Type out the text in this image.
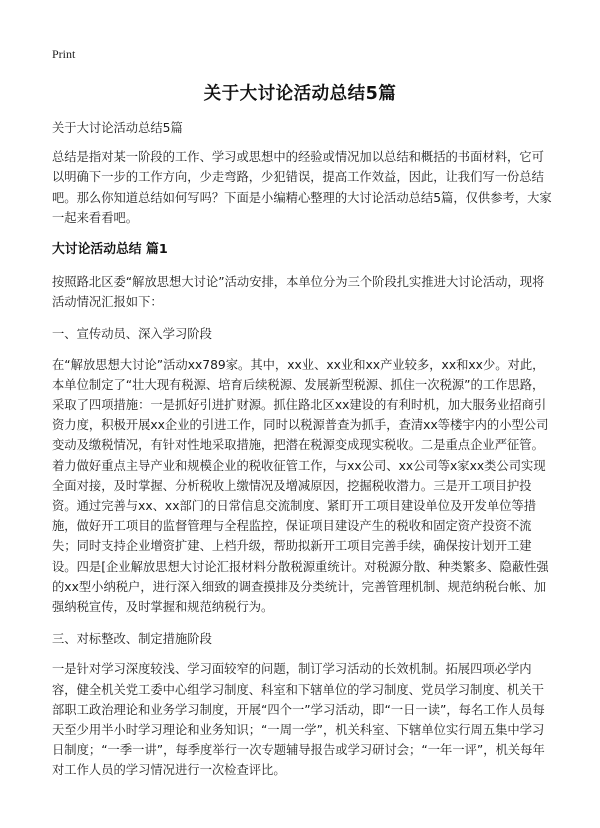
Print
关于大讨论活动总结5篇

关于大讨论活动总结5篇

总结是指对某一阶段的工作、学习或思想中的经验或情况加以总结和概括的书面材料，它可以明确下一步的工作方向，少走弯路，少犯错误，提高工作效益，因此，让我们写一份总结吧。那么你知道总结如何写吗？下面是小编精心整理的大讨论活动总结5篇，仅供参考，大家一起来看看吧。

大讨论活动总结 篇1

按照路北区委“解放思想大讨论”活动安排，本单位分为三个阶段扎实推进大讨论活动，现将活动情况汇报如下：

一、宣传动员、深入学习阶段

在“解放思想大讨论”活动xx789家。其中，xx业、xx业和xx产业较多，xx和xx少。对此，本单位制定了“壮大现有税源、培育后续税源、发展新型税源、抓住一次税源”的工作思路，采取了四项措施：一是抓好引进扩财源。抓住路北区xx建设的有利时机，加大服务业招商引资力度，积极开展xx企业的引进工作，同时以税源普查为抓手，查清xx等楼宇内的小型公司变动及缴税情况，有针对性地采取措施，把潜在税源变成现实税收。二是重点企业严征管。着力做好重点主导产业和规模企业的税收征管工作，与xx公司、xx公司等x家xx类公司实现全面对接，及时掌握、分析税收上缴情况及增减原因，挖掘税收潜力。三是开工项目护投资。通过完善与xx、xx部门的日常信息交流制度、紧盯开工项目建设单位及开发单位等措施，做好开工项目的监督管理与全程监控，保证项目建设产生的税收和固定资产投资不流失；同时支持企业增资扩建、上档升级，帮助拟新开工项目完善手续，确保按计划开工建设。四是[企业解放思想大讨论汇报材料分散税源重统计。对税源分散、种类繁多、隐蔽性强的xx型小纳税户，进行深入细致的调查摸排及分类统计，完善管理机制、规范纳税台帐、加强纳税宣传，及时掌握和规范纳税行为。

三、对标整改、制定措施阶段

一是针对学习深度较浅、学习面较窄的问题，制订学习活动的长效机制。拓展四项必学内容，健全机关党工委中心组学习制度、科室和下辖单位的学习制度、党员学习制度、机关干部职工政治理论和业务学习制度，开展“四个一”学习活动，即“一日一读”，每名工作人员每天至少用半小时学习理论和业务知识；“一周一学”，机关科室、下辖单位实行周五集中学习日制度；“一季一讲”，每季度举行一次专题辅导报告或学习研讨会；“一年一评”，机关每年对工作人员的学习情况进行一次检查评比。
